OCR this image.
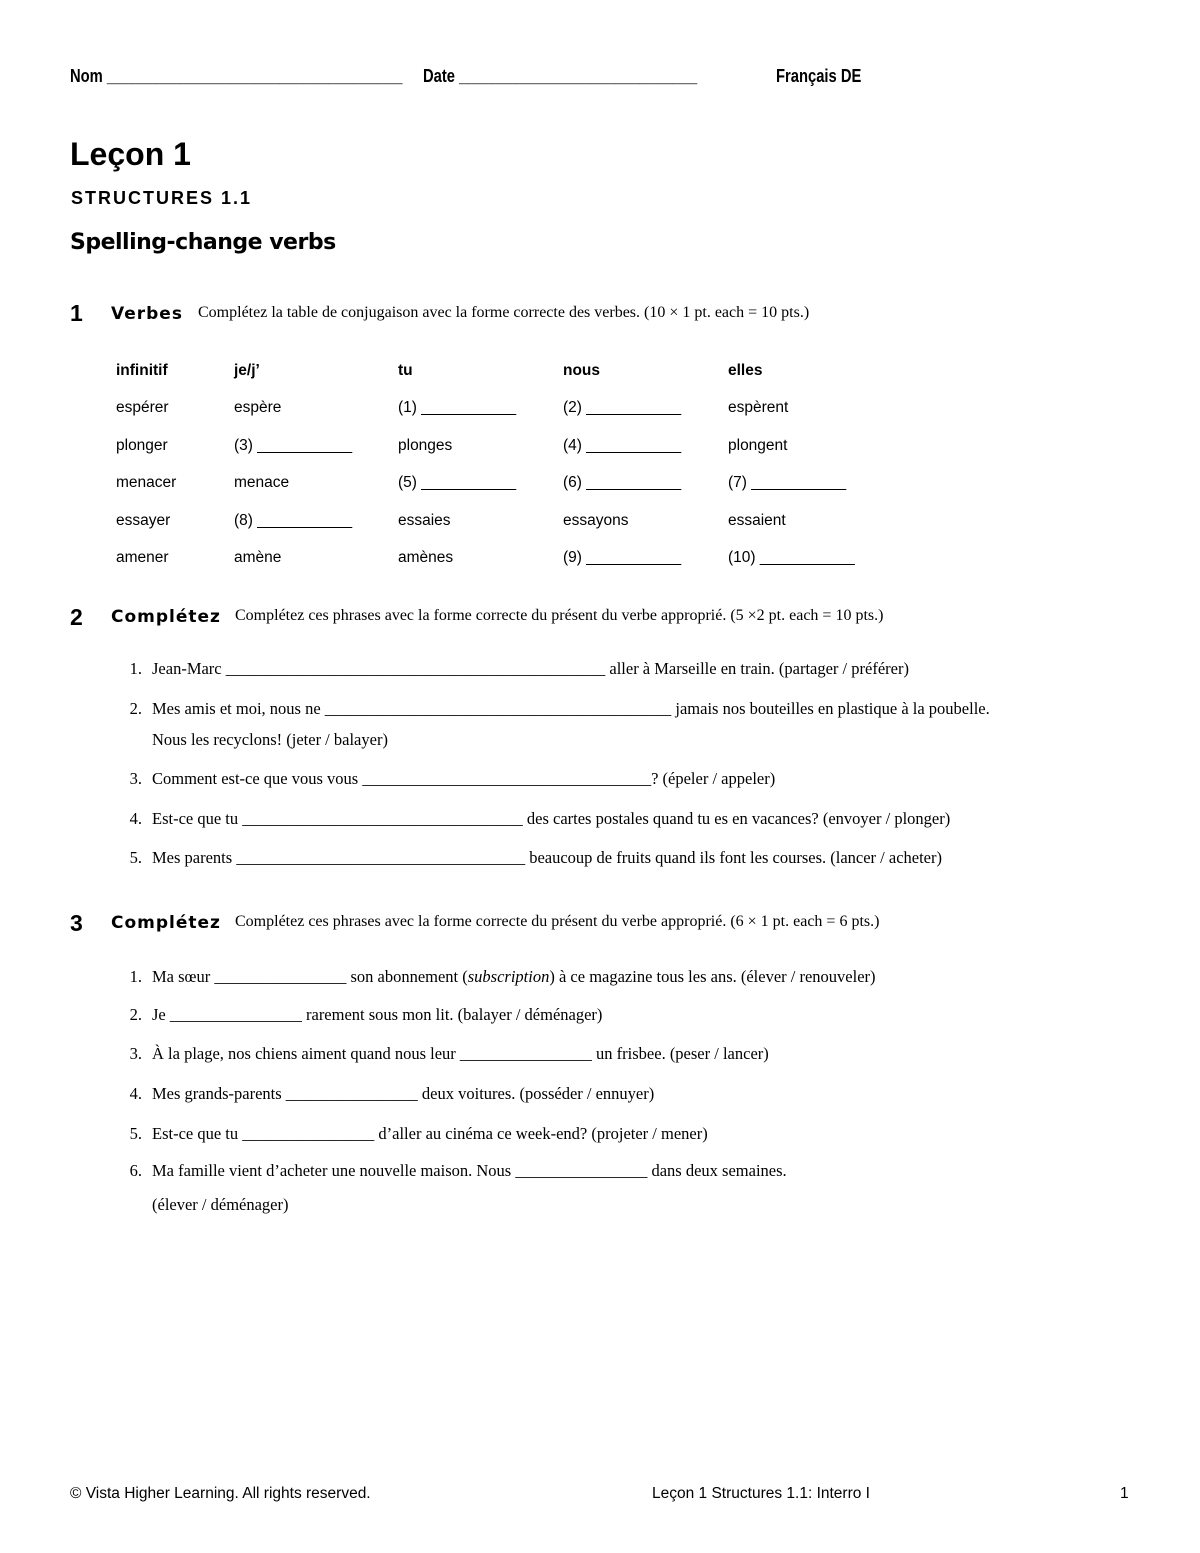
Nom ____________________________________ Date _____________________________	Français DE
Leçon 1
STRUCTURES 1.1
Spelling-change verbs
1 Verbes Complétez la table de conjugaison avec la forme correcte des verbes. (10 × 1 pt. each = 10 pts.)
infinitif	je/j’	tu	nous	elles
espérer	espère	(1) ___________	(2) ___________	espèrent
plonger	(3) ___________	plonges	(4) ___________	plongent
menacer	menace	(5) ___________	(6) ___________	(7) ___________
essayer	(8) ___________	essaies	essayons	essaient
amener	amène	amènes	(9) ___________	(10) ___________
2 Complétez Complétez ces phrases avec la forme correcte du présent du verbe approprié. (5 ×2 pt. each = 10 pts.)
1. Jean-Marc ______________________________________________ aller à Marseille en train. (partager / préférer)
2. Mes amis et moi, nous ne __________________________________________ jamais nos bouteilles en plastique à la poubelle.
Nous les recyclons! (jeter / balayer)
3. Comment est-ce que vous vous ___________________________________? (épeler / appeler)
4. Est-ce que tu __________________________________ des cartes postales quand tu es en vacances? (envoyer / plonger)
5. Mes parents ___________________________________ beaucoup de fruits quand ils font les courses. (lancer / acheter)
3 Complétez Complétez ces phrases avec la forme correcte du présent du verbe approprié. (6 × 1 pt. each = 6 pts.)
1. Ma sœur ________________ son abonnement (subscription) à ce magazine tous les ans. (élever / renouveler)
2. Je ________________ rarement sous mon lit. (balayer / déménager)
3. À la plage, nos chiens aiment quand nous leur ________________ un frisbee. (peser / lancer)
4. Mes grands-parents ________________ deux voitures. (posséder / ennuyer)
5. Est-ce que tu ________________ d’aller au cinéma ce week-end? (projeter / mener)
6. Ma famille vient d’acheter une nouvelle maison. Nous ________________ dans deux semaines.
(élever / déménager)
© Vista Higher Learning. All rights reserved.	Leçon 1 Structures 1.1: Interro I	1
